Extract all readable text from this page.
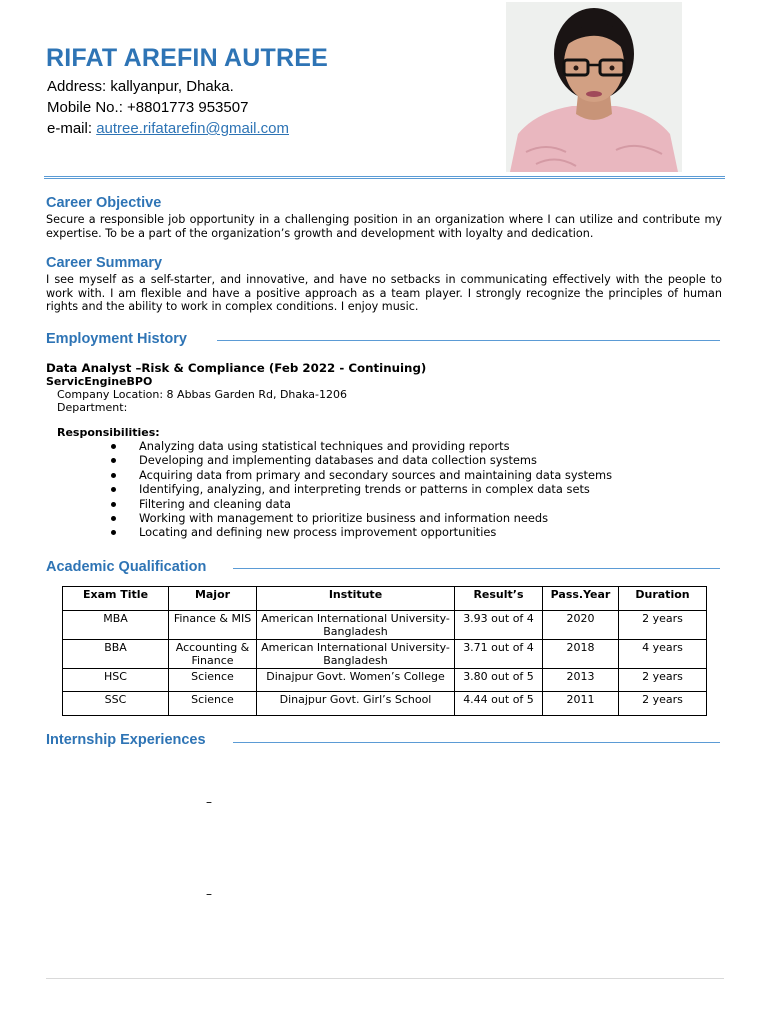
RIFAT AREFIN AUTREE
Address: kallyanpur, Dhaka.
Mobile No.: +8801773 953507
e-mail: autree.rifatarefin@gmail.com
Career Objective

Secure a responsible job opportunity in a challenging position in an organization where I can utilize and contribute my expertise. To be a part of the organization’s growth and development with loyalty and dedication.

Career Summary

I see myself as a self-starter, and innovative, and have no setbacks in communicating effectively with the people to work with. I am flexible and have a positive approach as a team player. I strongly recognize the principles of human rights and the ability to work in complex conditions. I enjoy music.

Employment History
Data Analyst –Risk & Compliance (Feb 2022 - Continuing)
ServicEngineBPO
Company Location: 8 Abbas Garden Rd, Dhaka-1206
Department:
Responsibilities:
Analyzing data using statistical techniques and providing reports
Developing and implementing databases and data collection systems
Acquiring data from primary and secondary sources and maintaining data systems
Identifying, analyzing, and interpreting trends or patterns in complex data sets
Filtering and cleaning data
Working with management to prioritize business and information needs
Locating and defining new process improvement opportunities
Academic Qualification
Exam Title	Major	Institute	Result’s	Pass.Year	Duration
MBA	Finance & MIS	American International University-Bangladesh	3.93 out of 4	2020	2 years
BBA	Accounting & Finance	American International University-Bangladesh	3.71 out of 4	2018	4 years
HSC	Science	Dinajpur Govt. Women’s College	3.80 out of 5	2013	2 years
SSC	Science	Dinajpur Govt. Girl’s School	4.44 out of 5	2011	2 years
Internship Experiences
–
–
